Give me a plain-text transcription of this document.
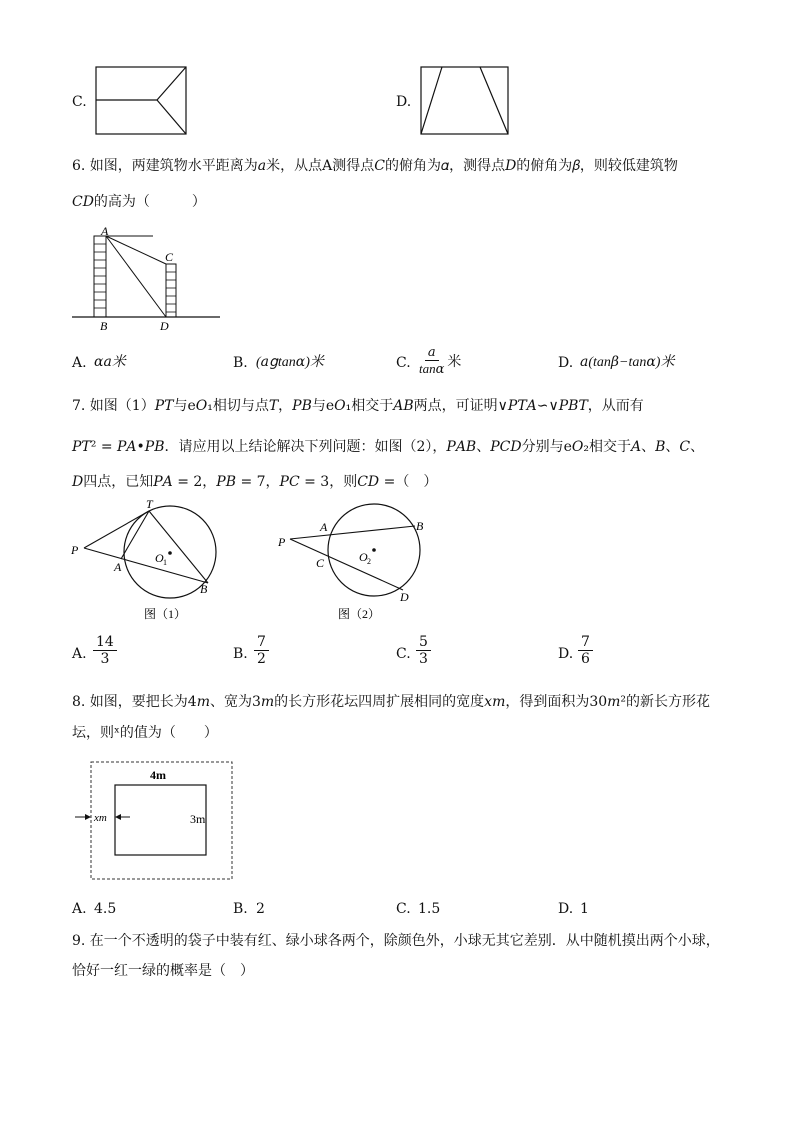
C.	D.
6. 如图，两建筑物水平距离为𝑎米，从点A测得点𝐶的俯角为𝛼，测得点𝐷的俯角为𝛽，则较低建筑物
𝐶𝐷的高为（　　　）
A
C
B	D
A. 𝛼𝑎米	B. (𝑎𝗀tan𝛼)米	C. $\frac{\text{𝑎}}{\text{tan𝛼}}$ 米	D. 𝑎(tan𝛽−tan𝛼)米
7. 如图（1）𝑃𝑇与e𝑂₁相切与点𝑇，𝑃𝐵与e𝑂₁相交于𝐴𝐵两点，可证明∨𝑃𝑇𝐴∽∨𝑃𝐵𝑇，从而有
𝑃𝑇² = 𝑃𝐴•𝑃𝐵．请应用以上结论解决下列问题：如图（2），𝑃𝐴𝐵、𝑃𝐶𝐷分别与e𝑂₂相交于𝐴、𝐵、𝐶、
𝐷四点，已知𝑃𝐴 = 2，𝑃𝐵 = 7，𝑃𝐶 = 3，则𝐶𝐷 =（　）
T
P
A
B
O 1
图（1）
P
A	B
C
D
O 2
图（2）
A. $\frac{14}{3}$	B. $\frac{7}{2}$	C. $\frac{5}{3}$	D. $\frac{7}{6}$
8. 如图，要把长为4𝑚、宽为3𝑚的长方形花坛四周扩展相同的宽度𝑥𝑚，得到面积为30𝑚²的新长方形花
坛，则ˣ的值为（　　）
4m
3m
xm
A. 4.5	B. 2	C. 1.5	D. 1
9. 在一个不透明的袋子中装有红、绿小球各两个，除颜色外，小球无其它差别．从中随机摸出两个小球，
恰好一红一绿的概率是（　）
